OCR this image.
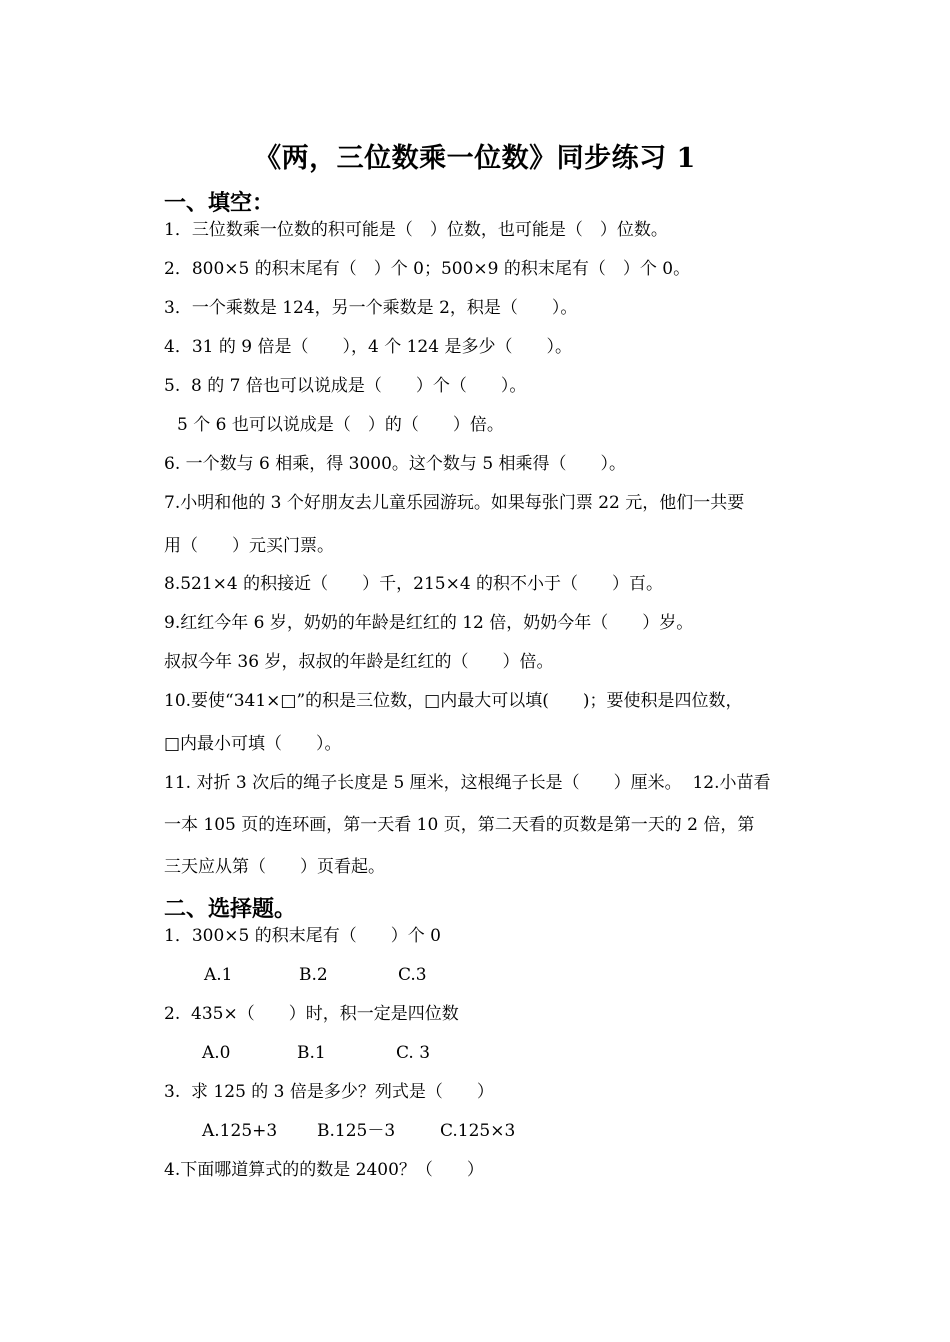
《两，三位数乘一位数》同步练习 1
一、填空：
1．三位数乘一位数的积可能是（　）位数，也可能是（　）位数。
2．800×5 的积末尾有（　）个 0；500×9 的积末尾有（　）个 0。
3．一个乘数是 124，另一个乘数是 2，积是（　　）。
4．31 的 9 倍是（　　），4 个 124 是多少（　　）。
5.  8 的 7 倍也可以说成是（　　）个（　　）。
5 个 6 也可以说成是（　）的（　　）倍。
6. 一个数与 6 相乘，得 3000。这个数与 5 相乘得（　　）。
7.小明和他的 3 个好朋友去儿童乐园游玩。如果每张门票 22 元，他们一共要
用（　　）元买门票。
8.521×4 的积接近（　　）千，215×4 的积不小于（　　）百。
9.红红今年 6 岁，奶奶的年龄是红红的 12 倍，奶奶今年（　　）岁。
叔叔今年 36 岁，叔叔的年龄是红红的（　　）倍。
10.要使“341×□”的积是三位数，□内最大可以填(　　)；要使积是四位数，
□内最小可填（　　）。
11. 对折 3 次后的绳子长度是 5 厘米，这根绳子长是（　　）厘米。  12.小苗看
一本 105 页的连环画，第一天看 10 页，第二天看的页数是第一天的 2 倍，第
三天应从第（　　）页看起。
二、选择题。
1．300×5 的积末尾有（　　）个 0
A.1	B.2	C.3
2.  435×（　　）时，积一定是四位数
A.0	B.1	C. 3
3.  求 125 的 3 倍是多少？列式是（　　）
A.125+3 B.125－3	C.125×3
4.下面哪道算式的的数是 2400？（　　）
